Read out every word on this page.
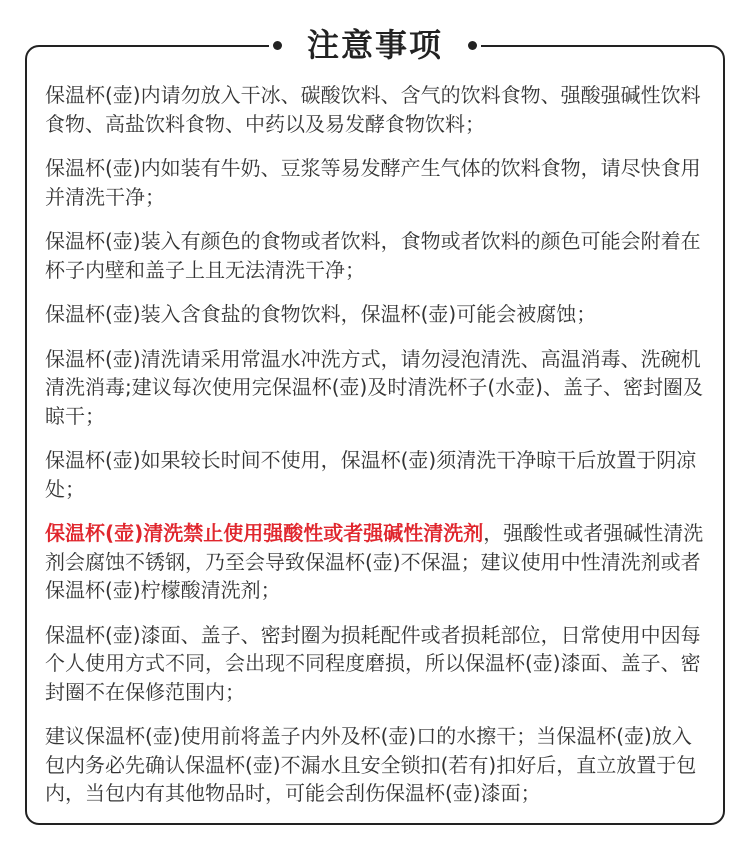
注意事项

保温杯(壶)内请勿放入干冰、碳酸饮料、含气的饮料食物、强酸强碱性饮料食物、高盐饮料食物、中药以及易发酵食物饮料；

保温杯(壶)内如装有牛奶、豆浆等易发酵产生气体的饮料食物，请尽快食用并清洗干净；

保温杯(壶)装入有颜色的食物或者饮料，食物或者饮料的颜色可能会附着在杯子内壁和盖子上且无法清洗干净；

保温杯(壶)装入含食盐的食物饮料，保温杯(壶)可能会被腐蚀；

保温杯(壶)清洗请采用常温水冲洗方式，请勿浸泡清洗、高温消毒、洗碗机清洗消毒;建议每次使用完保温杯(壶)及时清洗杯子(水壶)、盖子、密封圈及晾干；

保温杯(壶)如果较长时间不使用，保温杯(壶)须清洗干净晾干后放置于阴凉处；

保温杯(壶)清洗禁止使用强酸性或者强碱性清洗剂，强酸性或者强碱性清洗剂会腐蚀不锈钢，乃至会导致保温杯(壶)不保温；建议使用中性清洗剂或者保温杯(壶)柠檬酸清洗剂；

保温杯(壶)漆面、盖子、密封圈为损耗配件或者损耗部位，日常使用中因每个人使用方式不同，会出现不同程度磨损，所以保温杯(壶)漆面、盖子、密封圈不在保修范围内；

建议保温杯(壶)使用前将盖子内外及杯(壶)口的水擦干；当保温杯(壶)放入包内务必先确认保温杯(壶)不漏水且安全锁扣(若有)扣好后，直立放置于包内，当包内有其他物品时，可能会刮伤保温杯(壶)漆面；
